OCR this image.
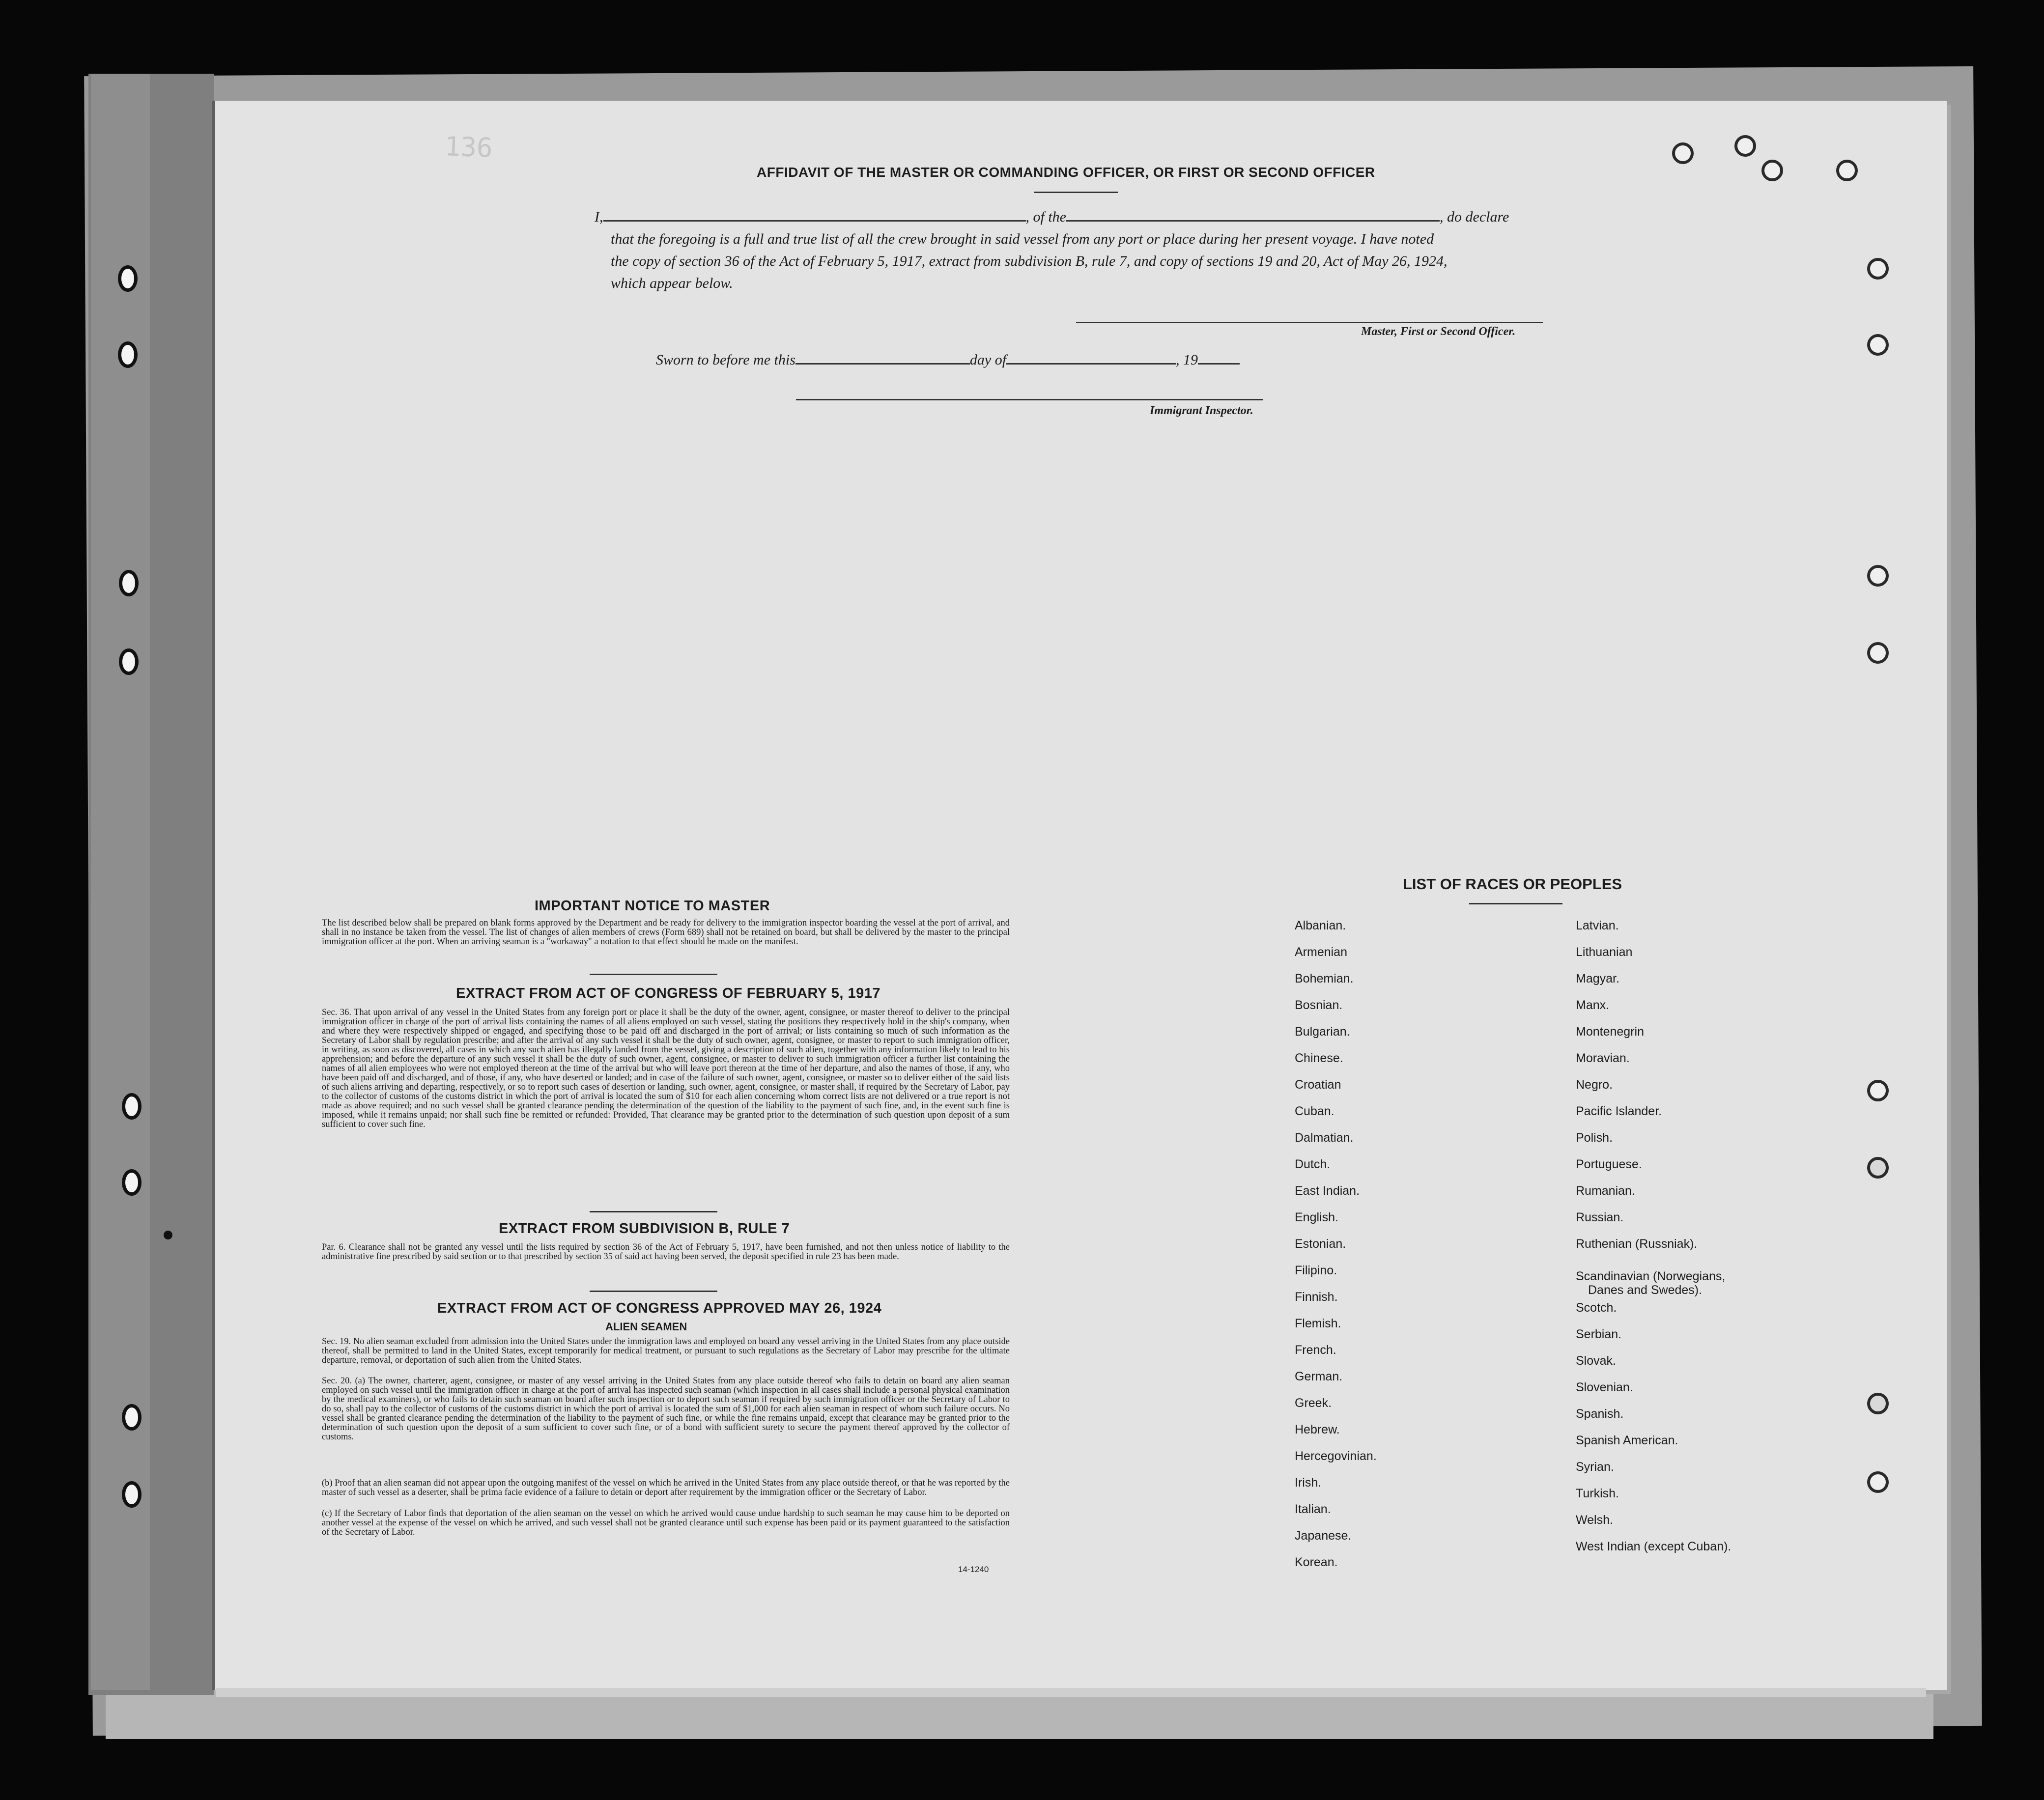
136
AFFIDAVIT OF THE MASTER OR COMMANDING OFFICER, OR FIRST OR SECOND OFFICER
I,	, of the	, do declare
that the foregoing is a full and true list of all the crew brought in said vessel from any port or place during her present voyage. I have noted
the copy of section 36 of the Act of February 5, 1917, extract from subdivision B, rule 7, and copy of sections 19 and 20, Act of May 26, 1924,
which appear below.
Master, First or Second Officer.
Sworn to before me this	day of	, 19
Immigrant Inspector.
IMPORTANT NOTICE TO MASTER
The list described below shall be prepared on blank forms approved by the Department and be ready for delivery to the immigration inspector boarding the vessel at the port of arrival, and shall in no instance be taken from the vessel. The list of changes of alien members of crews (Form 689) shall not be retained on board, but shall be delivered by the master to the principal immigration officer at the port. When an arriving seaman is a "workaway" a notation to that effect should be made on the manifest.
EXTRACT FROM ACT OF CONGRESS OF FEBRUARY 5, 1917
Sec. 36. That upon arrival of any vessel in the United States from any foreign port or place it shall be the duty of the owner, agent, consignee, or master thereof to deliver to the principal immigration officer in charge of the port of arrival lists containing the names of all aliens employed on such vessel, stating the positions they respectively hold in the ship's company, when and where they were respectively shipped or engaged, and specifying those to be paid off and discharged in the port of arrival; or lists containing so much of such information as the Secretary of Labor shall by regulation prescribe; and after the arrival of any such vessel it shall be the duty of such owner, agent, consignee, or master to report to such immigration officer, in writing, as soon as discovered, all cases in which any such alien has illegally landed from the vessel, giving a description of such alien, together with any information likely to lead to his apprehension; and before the departure of any such vessel it shall be the duty of such owner, agent, consignee, or master to deliver to such immigration officer a further list containing the names of all alien employees who were not employed thereon at the time of the arrival but who will leave port thereon at the time of her departure, and also the names of those, if any, who have been paid off and discharged, and of those, if any, who have deserted or landed; and in case of the failure of such owner, agent, consignee, or master so to deliver either of the said lists of such aliens arriving and departing, respectively, or so to report such cases of desertion or landing, such owner, agent, consignee, or master shall, if required by the Secretary of Labor, pay to the collector of customs of the customs district in which the port of arrival is located the sum of $10 for each alien concerning whom correct lists are not delivered or a true report is not made as above required; and no such vessel shall be granted clearance pending the determination of the question of the liability to the payment of such fine, and, in the event such fine is imposed, while it remains unpaid; nor shall such fine be remitted or refunded: Provided, That clearance may be granted prior to the determination of such question upon deposit of a sum sufficient to cover such fine.
EXTRACT FROM SUBDIVISION B, RULE 7
Par. 6. Clearance shall not be granted any vessel until the lists required by section 36 of the Act of February 5, 1917, have been furnished, and not then unless notice of liability to the administrative fine prescribed by said section or to that prescribed by section 35 of said act having been served, the deposit specified in rule 23 has been made.
EXTRACT FROM ACT OF CONGRESS APPROVED MAY 26, 1924
ALIEN SEAMEN
Sec. 19. No alien seaman excluded from admission into the United States under the immigration laws and employed on board any vessel arriving in the United States from any place outside thereof, shall be permitted to land in the United States, except temporarily for medical treatment, or pursuant to such regulations as the Secretary of Labor may prescribe for the ultimate departure, removal, or deportation of such alien from the United States.
Sec. 20. (a) The owner, charterer, agent, consignee, or master of any vessel arriving in the United States from any place outside thereof who fails to detain on board any alien seaman employed on such vessel until the immigration officer in charge at the port of arrival has inspected such seaman (which inspection in all cases shall include a personal physical examination by the medical examiners), or who fails to detain such seaman on board after such inspection or to deport such seaman if required by such immigration officer or the Secretary of Labor to do so, shall pay to the collector of customs of the customs district in which the port of arrival is located the sum of $1,000 for each alien seaman in respect of whom such failure occurs. No vessel shall be granted clearance pending the determination of the liability to the payment of such fine, or while the fine remains unpaid, except that clearance may be granted prior to the determination of such question upon the deposit of a sum sufficient to cover such fine, or of a bond with sufficient surety to secure the payment thereof approved by the collector of customs.
(b) Proof that an alien seaman did not appear upon the outgoing manifest of the vessel on which he arrived in the United States from any place outside thereof, or that he was reported by the master of such vessel as a deserter, shall be prima facie evidence of a failure to detain or deport after requirement by the immigration officer or the Secretary of Labor.
(c) If the Secretary of Labor finds that deportation of the alien seaman on the vessel on which he arrived would cause undue hardship to such seaman he may cause him to be deported on another vessel at the expense of the vessel on which he arrived, and such vessel shall not be granted clearance until such expense has been paid or its payment guaranteed to the satisfaction of the Secretary of Labor.
14-1240
LIST OF RACES OR PEOPLES
Albanian.
Armenian
Bohemian.
Bosnian.
Bulgarian.
Chinese.
Croatian
Cuban.
Dalmatian.
Dutch.
East Indian.
English.
Estonian.
Filipino.
Finnish.
Flemish.
French.
German.
Greek.
Hebrew.
Hercegovinian.
Irish.
Italian.
Japanese.
Korean.
Latvian.
Lithuanian
Magyar.
Manx.
Montenegrin
Moravian.
Negro.
Pacific Islander.
Polish.
Portuguese.
Rumanian.
Russian.
Ruthenian (Russniak).
Scandinavian (Norwegians,
Danes and Swedes).
Scotch.
Serbian.
Slovak.
Slovenian.
Spanish.
Spanish American.
Syrian.
Turkish.
Welsh.
West Indian (except Cuban).
